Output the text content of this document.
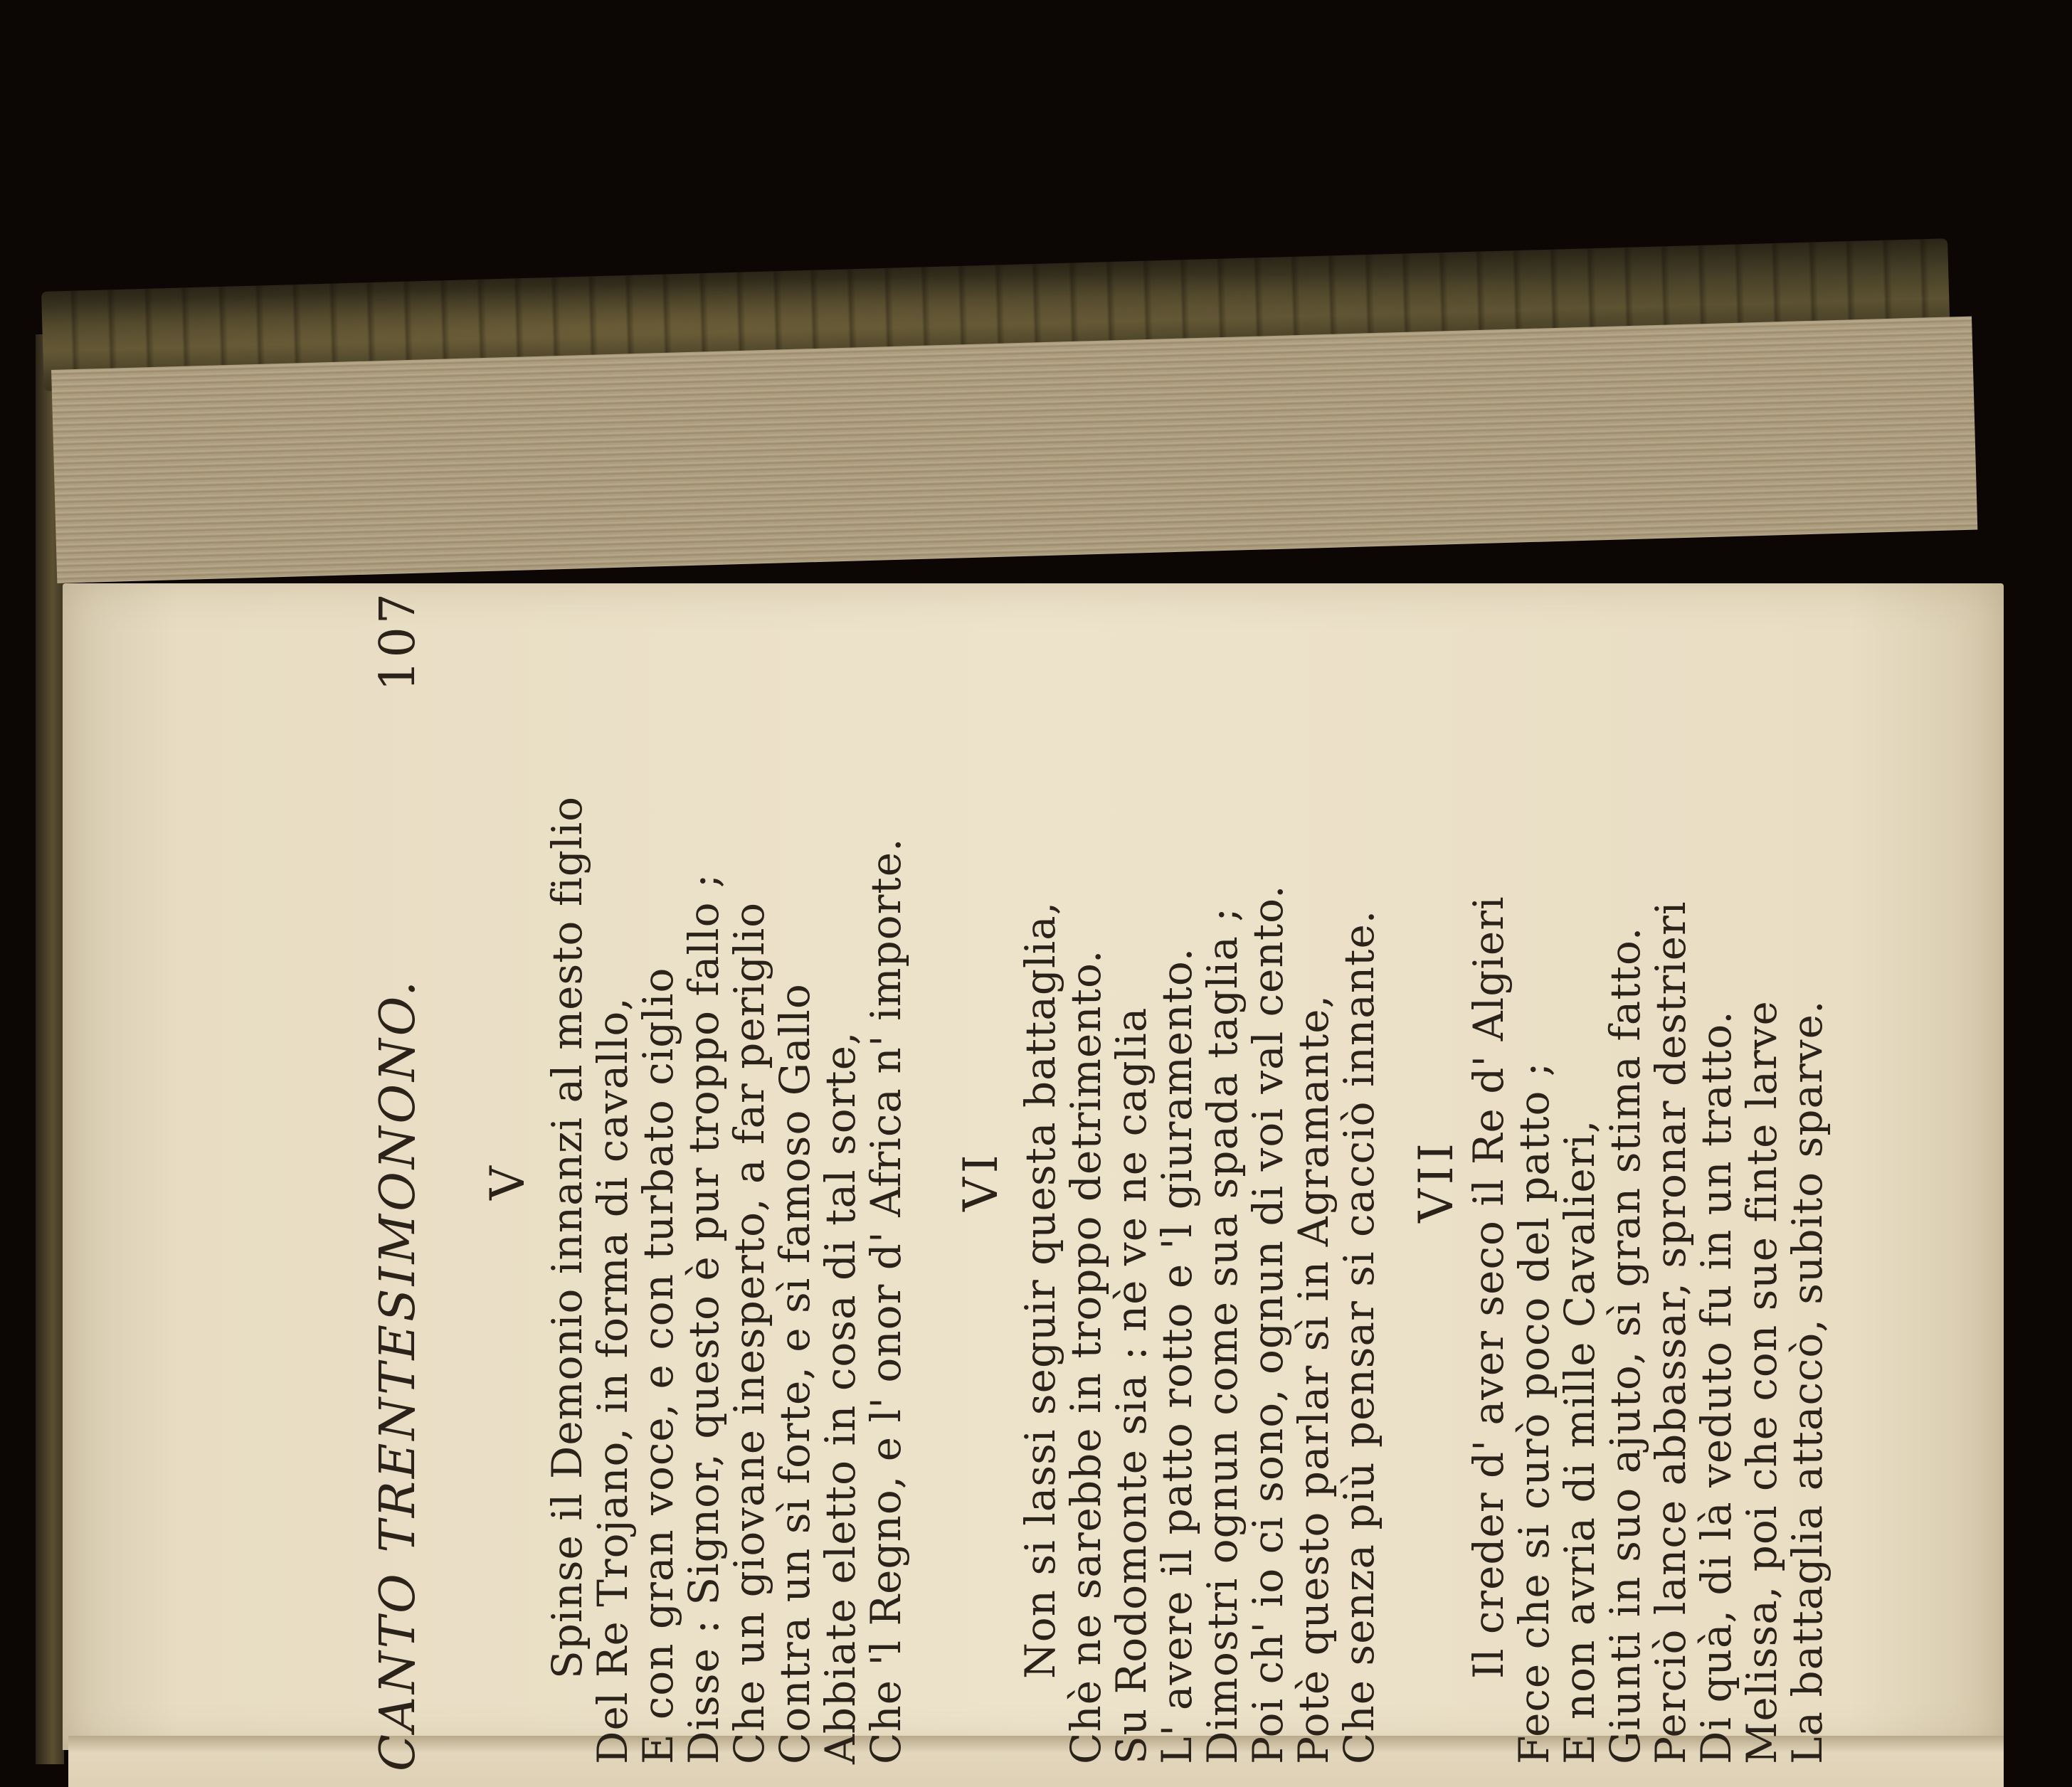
CANTO TRENTESIMONONO.
107
V Spinse il Demonio innanzi al mesto figlio
Del Re Trojano, in forma di cavallo,
E con gran voce, e con turbato ciglio
Disse : Signor, questo è pur troppo fallo ;
Che un giovane inesperto, a far periglio
Contra un sì forte, e sì famoso Gallo
Abbiate eletto in cosa di tal sorte,
Che 'l Regno, e l' onor d' Africa n' importe. VI Non si lassi seguir questa battaglia,
Chè ne sarebbe in troppo detrimento.
Su Rodomonte sia : nè ve ne caglia
L' avere il patto rotto e 'l giuramento.
Dimostri ognun come sua spada taglia ;
Poi ch' io ci sono, ognun di voi val cento.
Potè questo parlar sì in Agramante,
Che senza più pensar si cacciò innante. VII Il creder d' aver seco il Re d' Algieri
Fece che si curò poco del patto ;
E non avria di mille Cavalieri,
Giunti in suo ajuto, sì gran stima fatto.
Perciò lance abbassar, spronar destrieri
Di quà, di là veduto fu in un tratto.
Melissa, poi che con sue finte larve
La battaglia attaccò, subito sparve.
